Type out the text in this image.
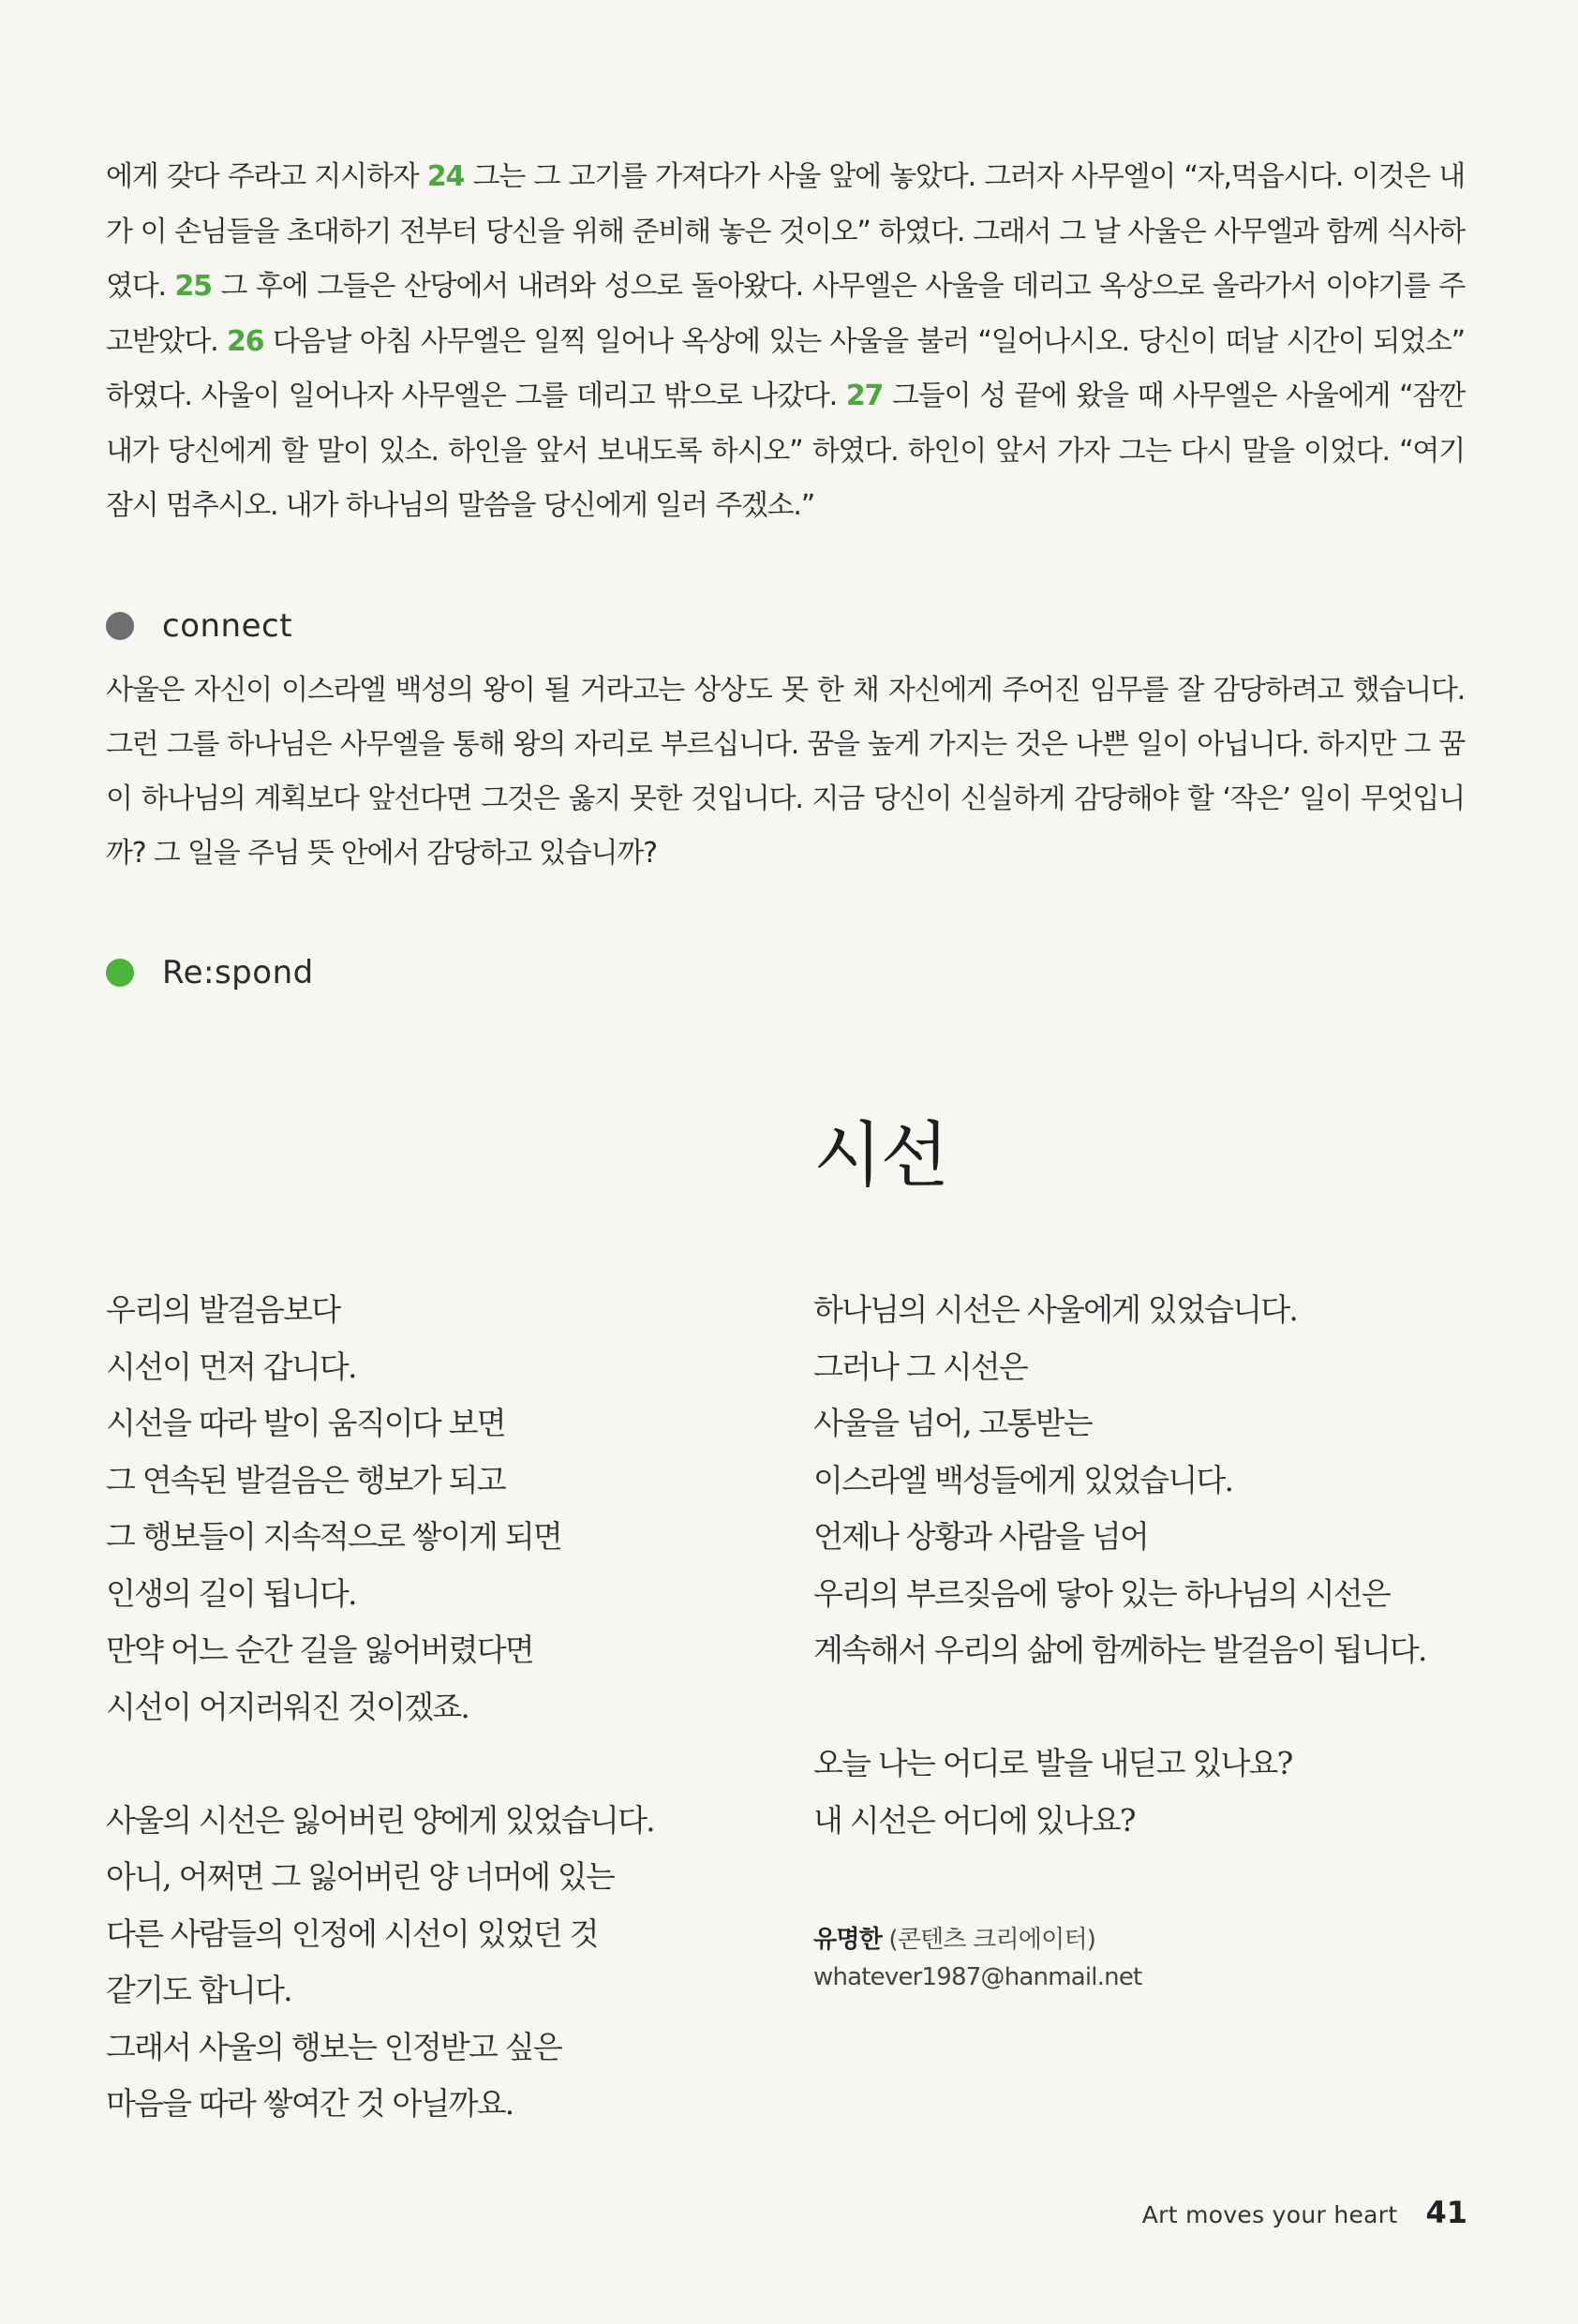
에게 갖다 주라고 지시하자 24 그는 그 고기를 가져다가 사울 앞에 놓았다. 그러자 사무엘이 “자,먹읍시다. 이것은 내가 이 손님들을 초대하기 전부터 당신을 위해 준비해 놓은 것이오” 하였다. 그래서 그 날 사울은 사무엘과 함께 식사하였다. 25 그 후에 그들은 산당에서 내려와 성으로 돌아왔다. 사무엘은 사울을 데리고 옥상으로 올라가서 이야기를 주고받았다. 26 다음날 아침 사무엘은 일찍 일어나 옥상에 있는 사울을 불러 “일어나시오. 당신이 떠날 시간이 되었소” 하였다. 사울이 일어나자 사무엘은 그를 데리고 밖으로 나갔다. 27 그들이 성 끝에 왔을 때 사무엘은 사울에게 “잠깐 내가 당신에게 할 말이 있소. 하인을 앞서 보내도록 하시오” 하였다. 하인이 앞서 가자 그는 다시 말을 이었다. “여기 잠시 멈추시오. 내가 하나님의 말씀을 당신에게 일러 주겠소.”
connect
사울은 자신이 이스라엘 백성의 왕이 될 거라고는 상상도 못 한 채 자신에게 주어진 임무를 잘 감당하려고 했습니다. 그런 그를 하나님은 사무엘을 통해 왕의 자리로 부르십니다. 꿈을 높게 가지는 것은 나쁜 일이 아닙니다. 하지만 그 꿈이 하나님의 계획보다 앞선다면 그것은 옳지 못한 것입니다. 지금 당신이 신실하게 감당해야 할 ‘작은’ 일이 무엇입니까? 그 일을 주님 뜻 안에서 감당하고 있습니까?
Re:spond
시선
우리의 발걸음보다
시선이 먼저 갑니다.
시선을 따라 발이 움직이다 보면
그 연속된 발걸음은 행보가 되고
그 행보들이 지속적으로 쌓이게 되면
인생의 길이 됩니다.
만약 어느 순간 길을 잃어버렸다면
시선이 어지러워진 것이겠죠.
사울의 시선은 잃어버린 양에게 있었습니다.
아니, 어쩌면 그 잃어버린 양 너머에 있는
다른 사람들의 인정에 시선이 있었던 것
같기도 합니다.
그래서 사울의 행보는 인정받고 싶은
마음을 따라 쌓여간 것 아닐까요.
하나님의 시선은 사울에게 있었습니다.
그러나 그 시선은
사울을 넘어, 고통받는
이스라엘 백성들에게 있었습니다.
언제나 상황과 사람을 넘어
우리의 부르짖음에 닿아 있는 하나님의 시선은
계속해서 우리의 삶에 함께하는 발걸음이 됩니다.
오늘 나는 어디로 발을 내딛고 있나요?
내 시선은 어디에 있나요?
유명한 (콘텐츠 크리에이터)
whatever1987@hanmail.net
Art moves your heart 41
